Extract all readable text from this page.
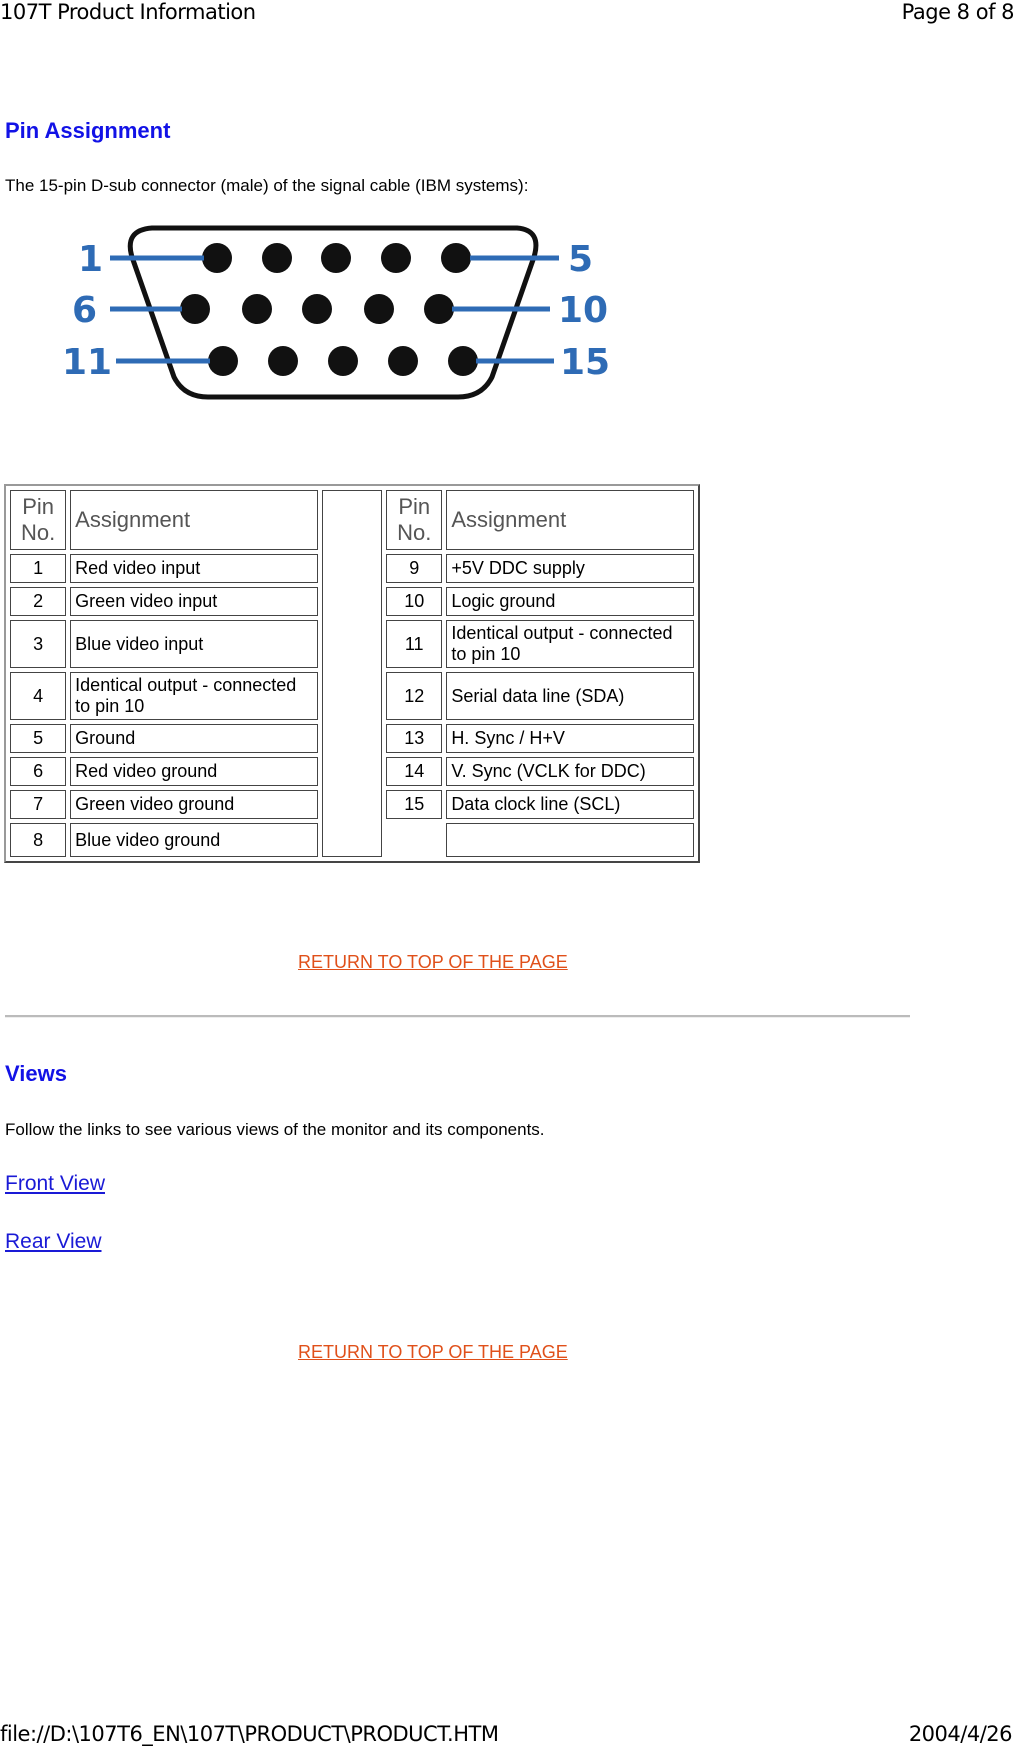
107T Product Information	Page 8 of 8
Pin Assignment

The 15-pin D-sub connector (male) of the signal cable (IBM systems):

1	5
6	10
11	15
Pin No.	Assignment		Pin No.	Assignment
1	Red video input		9	+5V DDC supply
2	Green video input		10	Logic ground
3	Blue video input		11	Identical output - connected to pin 10
4	Identical output - connected to pin 10		12	Serial data line (SDA)
5	Ground		13	H. Sync / H+V
6	Red video ground		14	V. Sync (VCLK for DDC)
7	Green video ground		15	Data clock line (SCL)
8	Blue video ground			
RETURN TO TOP OF THE PAGE
Views

Follow the links to see various views of the monitor and its components.

Front View
Rear View
RETURN TO TOP OF THE PAGE
file://D:\107T6_EN\107T\PRODUCT\PRODUCT.HTM	2004/4/26
